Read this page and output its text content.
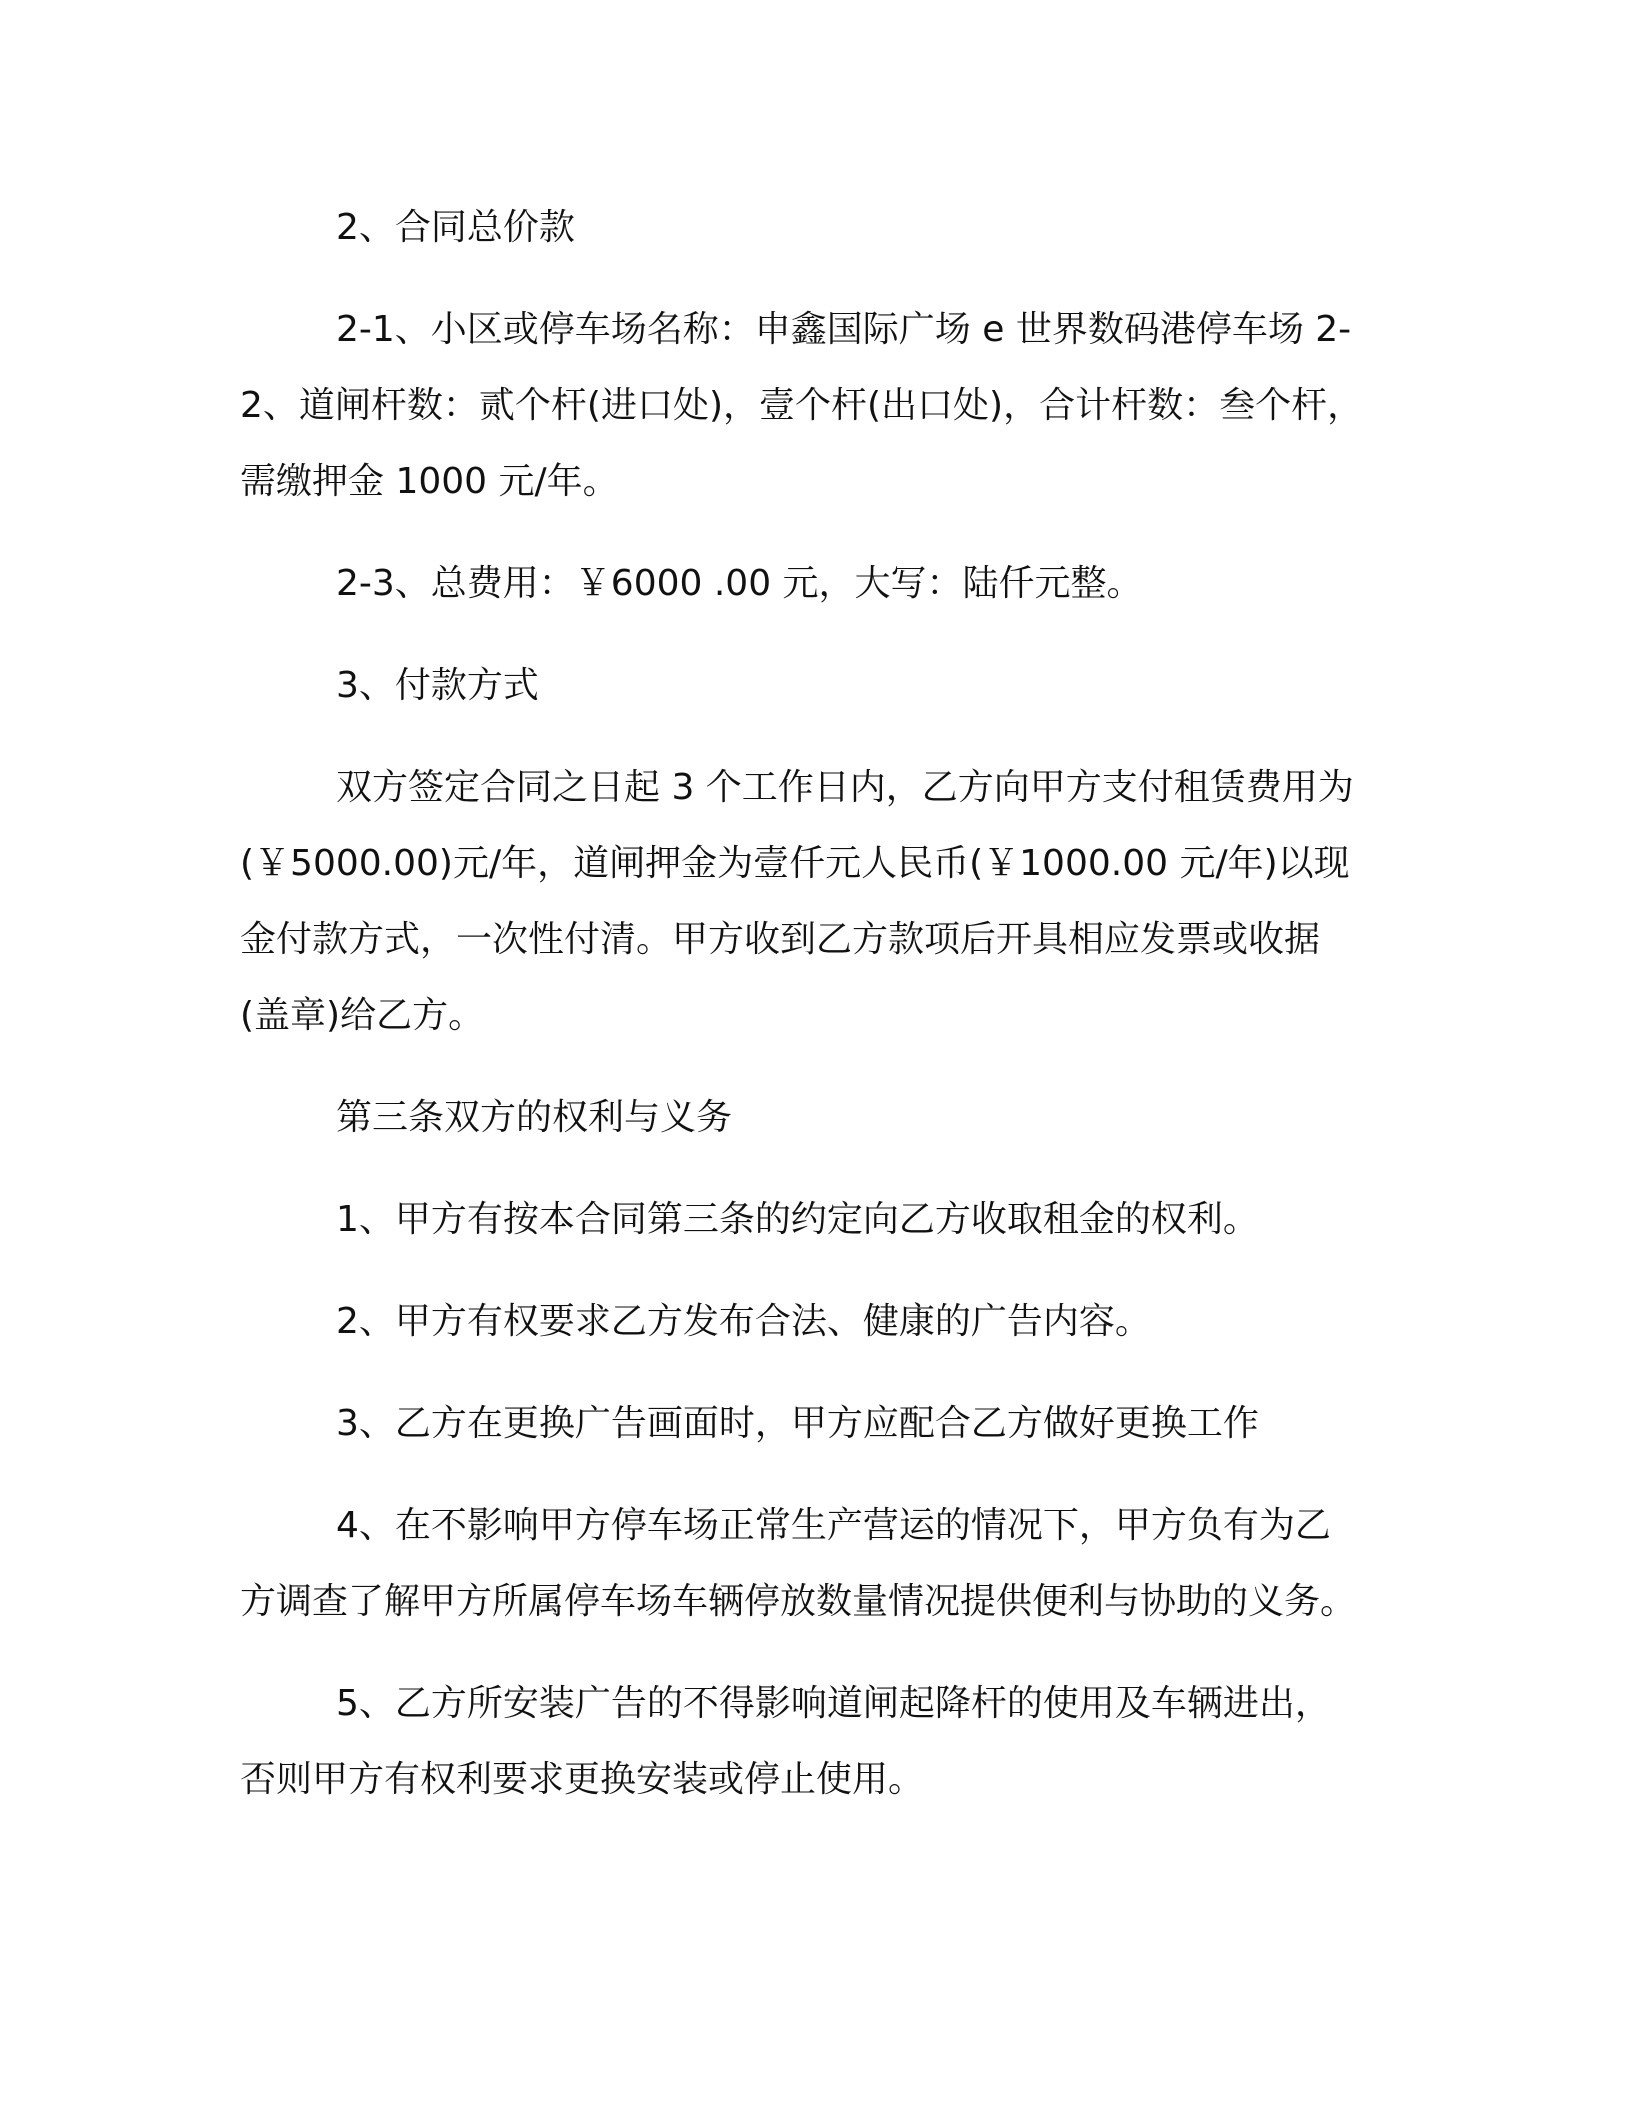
2、合同总价款
2-1、小区或停车场名称：申鑫国际广场 e 世界数码港停车场 2-
2、道闸杆数：贰个杆(进口处)，壹个杆(出口处)，合计杆数：叁个杆，
需缴押金 1000 元/年。
2-3、总费用：￥6000 .00 元，大写：陆仟元整。
3、付款方式
双方签定合同之日起 3 个工作日内，乙方向甲方支付租赁费用为
(￥5000.00)元/年，道闸押金为壹仟元人民币(￥1000.00 元/年)以现
金付款方式，一次性付清。甲方收到乙方款项后开具相应发票或收据
(盖章)给乙方。
第三条双方的权利与义务
1、甲方有按本合同第三条的约定向乙方收取租金的权利。
2、甲方有权要求乙方发布合法、健康的广告内容。
3、乙方在更换广告画面时，甲方应配合乙方做好更换工作
4、在不影响甲方停车场正常生产营运的情况下，甲方负有为乙
方调查了解甲方所属停车场车辆停放数量情况提供便利与协助的义务。
5、乙方所安装广告的不得影响道闸起降杆的使用及车辆进出，
否则甲方有权利要求更换安装或停止使用。
